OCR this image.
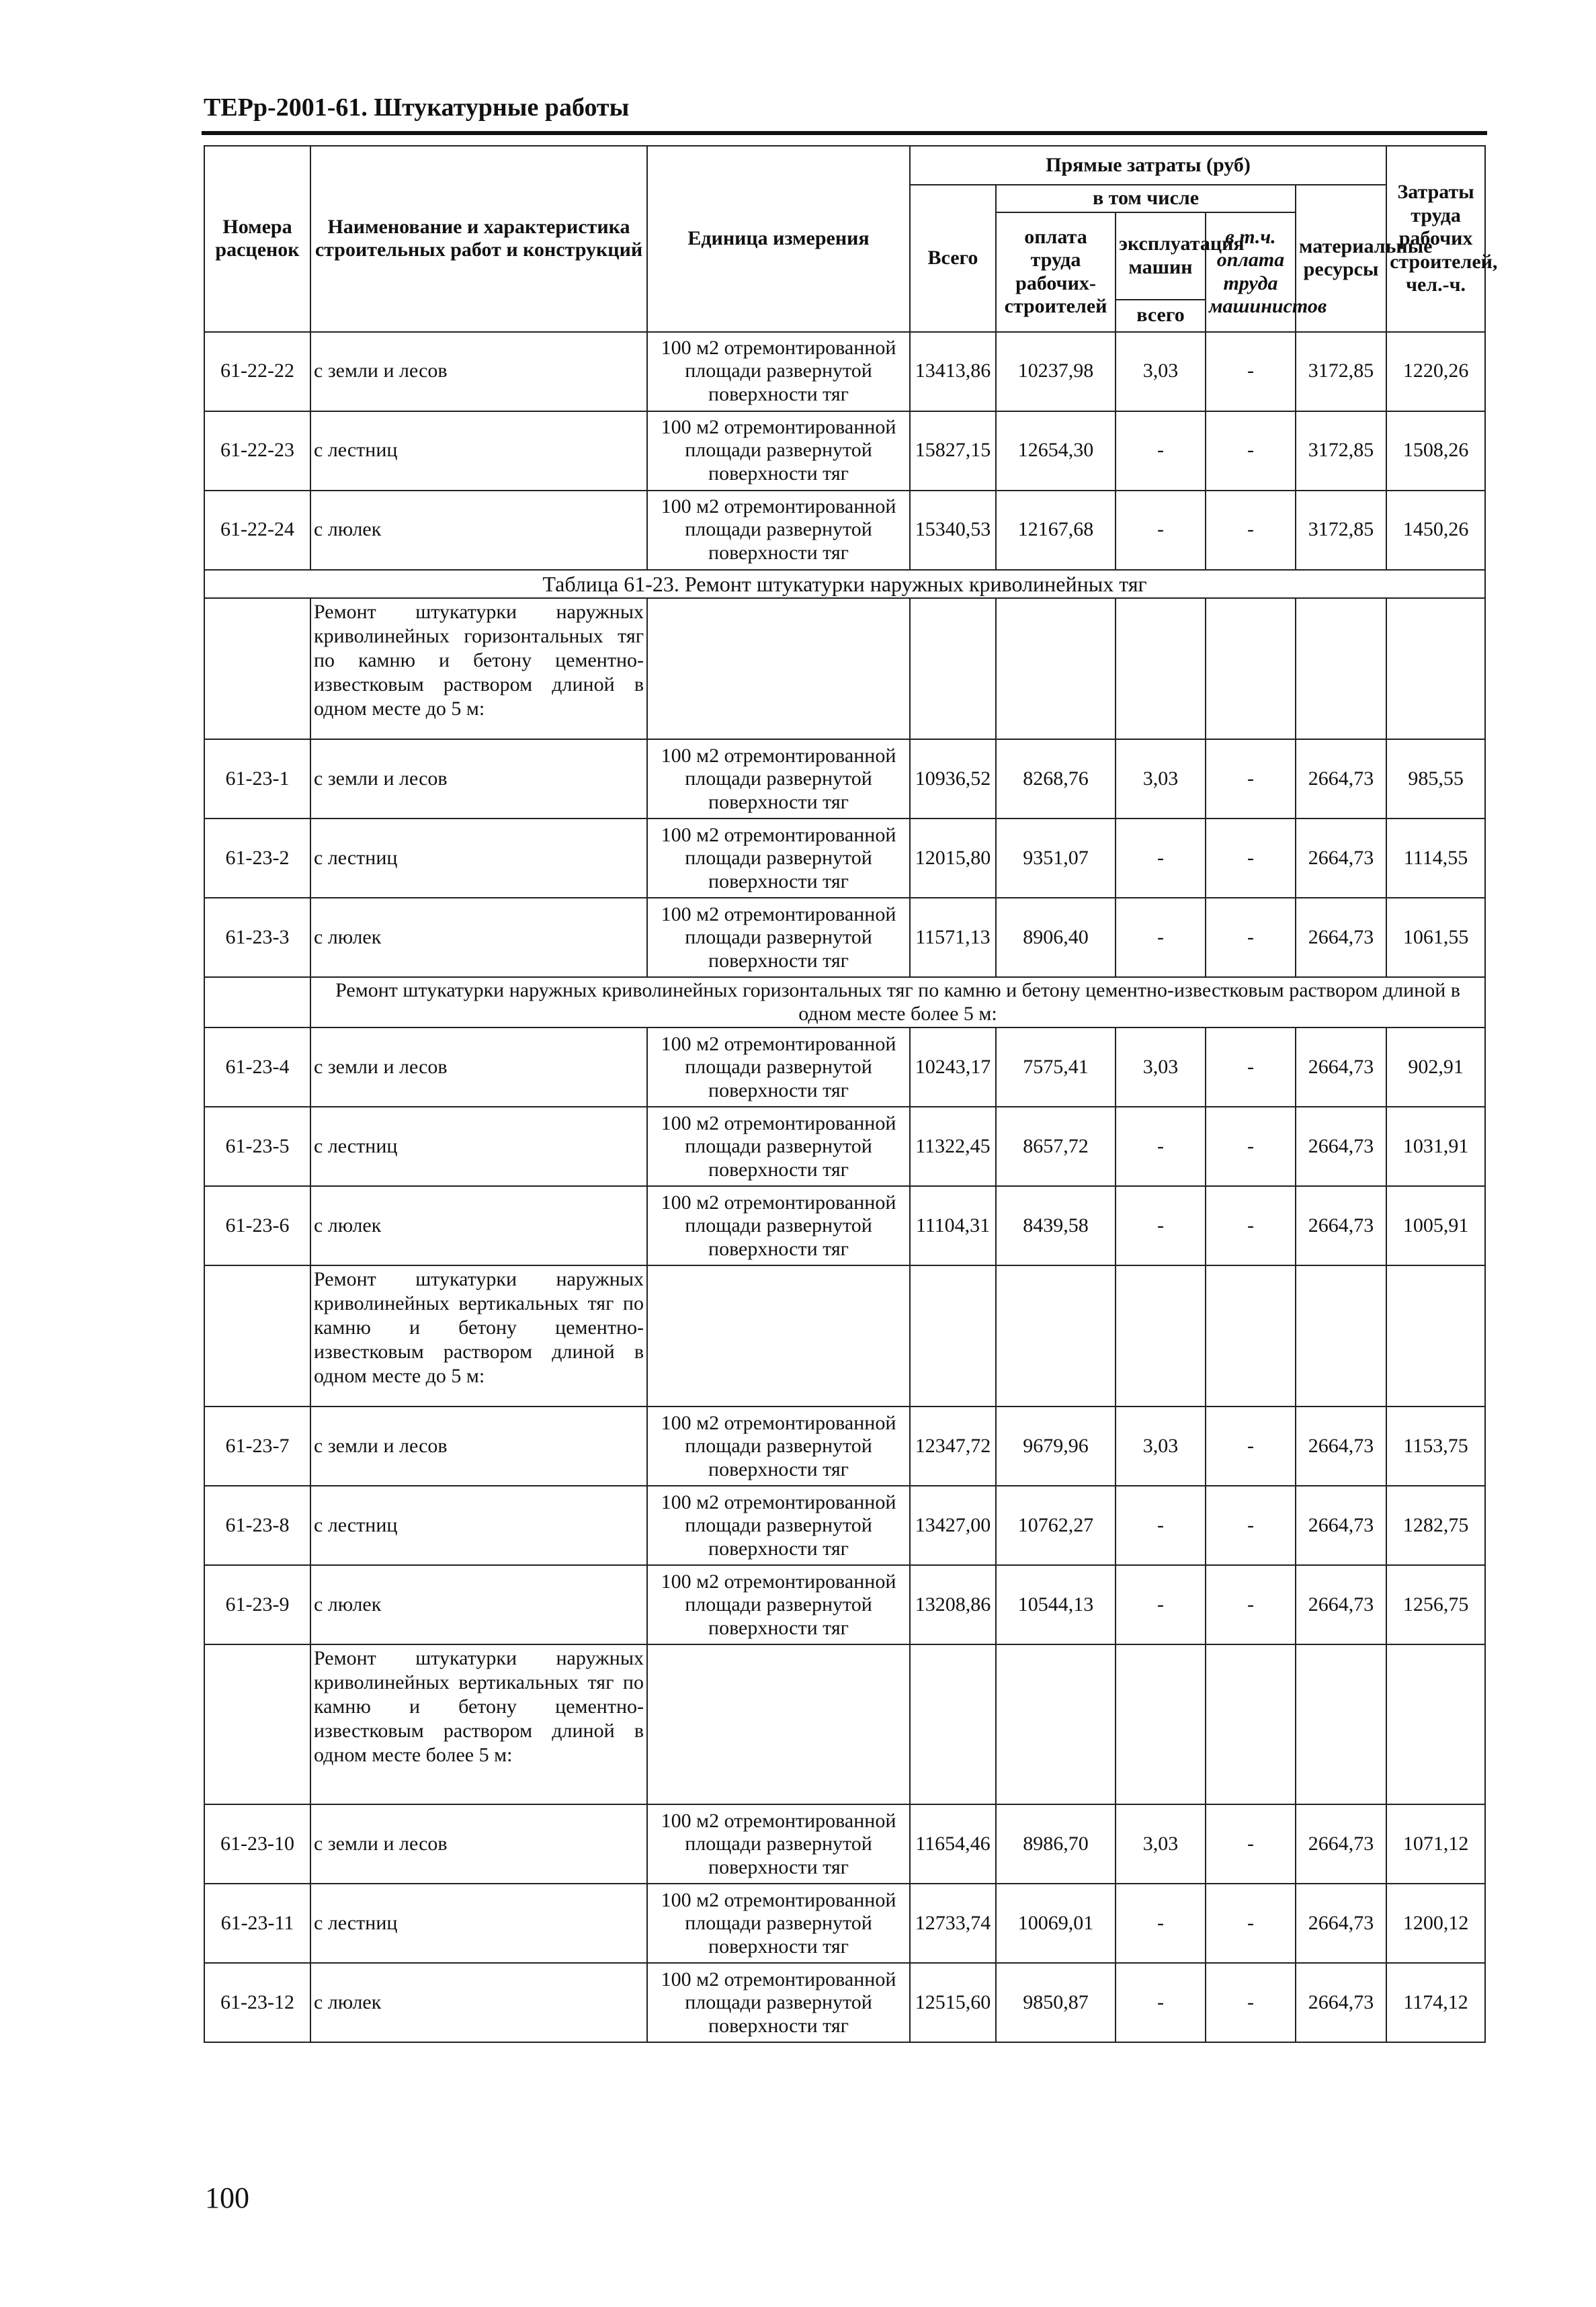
ТЕРр-2001-61. Штукатурные работы
Номера расценок	Наименование и характеристика строительных работ и конструкций	Единица измерения	Прямые затраты (руб)					Затраты труда рабочих строителей, чел.-ч.
			Всего	в том числе			материальные ресурсы	
				оплата труда рабочих-строителей	эксплуатация машин	в т.ч. оплата труда машинистов		
					всего			
61-22-22	с земли и лесов	100 м2 отремонтированной площади развернутой поверхности тяг	13413,86	10237,98	3,03	-	3172,85	1220,26
61-22-23	с лестниц	100 м2 отремонтированной площади развернутой поверхности тяг	15827,15	12654,30	-	-	3172,85	1508,26
61-22-24	с люлек	100 м2 отремонтированной площади развернутой поверхности тяг	15340,53	12167,68	-	-	3172,85	1450,26
Таблица 61-23. Ремонт штукатурки наружных криволинейных тяг								
	Ремонт штукатурки наружных криволинейных горизонтальных тяг по камню и бетону цементно-известковым раствором длиной в одном месте до 5 м:							
61-23-1	с земли и лесов	100 м2 отремонтированной площади развернутой поверхности тяг	10936,52	8268,76	3,03	-	2664,73	985,55
61-23-2	с лестниц	100 м2 отремонтированной площади развернутой поверхности тяг	12015,80	9351,07	-	-	2664,73	1114,55
61-23-3	с люлек	100 м2 отремонтированной площади развернутой поверхности тяг	11571,13	8906,40	-	-	2664,73	1061,55
	Ремонт штукатурки наружных криволинейных горизонтальных тяг по камню и бетону цементно-известковым раствором длиной в одном месте более 5 м:							
61-23-4	с земли и лесов	100 м2 отремонтированной площади развернутой поверхности тяг	10243,17	7575,41	3,03	-	2664,73	902,91
61-23-5	с лестниц	100 м2 отремонтированной площади развернутой поверхности тяг	11322,45	8657,72	-	-	2664,73	1031,91
61-23-6	с люлек	100 м2 отремонтированной площади развернутой поверхности тяг	11104,31	8439,58	-	-	2664,73	1005,91
	Ремонт штукатурки наружных криволинейных вертикальных тяг по камню и бетону цементно-известковым раствором длиной в одном месте до 5 м:							
61-23-7	с земли и лесов	100 м2 отремонтированной площади развернутой поверхности тяг	12347,72	9679,96	3,03	-	2664,73	1153,75
61-23-8	с лестниц	100 м2 отремонтированной площади развернутой поверхности тяг	13427,00	10762,27	-	-	2664,73	1282,75
61-23-9	с люлек	100 м2 отремонтированной площади развернутой поверхности тяг	13208,86	10544,13	-	-	2664,73	1256,75
	Ремонт штукатурки наружных криволинейных вертикальных тяг по камню и бетону цементно-известковым раствором длиной в одном месте более 5 м:							
61-23-10	с земли и лесов	100 м2 отремонтированной площади развернутой поверхности тяг	11654,46	8986,70	3,03	-	2664,73	1071,12
61-23-11	с лестниц	100 м2 отремонтированной площади развернутой поверхности тяг	12733,74	10069,01	-	-	2664,73	1200,12
61-23-12	с люлек	100 м2 отремонтированной площади развернутой поверхности тяг	12515,60	9850,87	-	-	2664,73	1174,12
100
